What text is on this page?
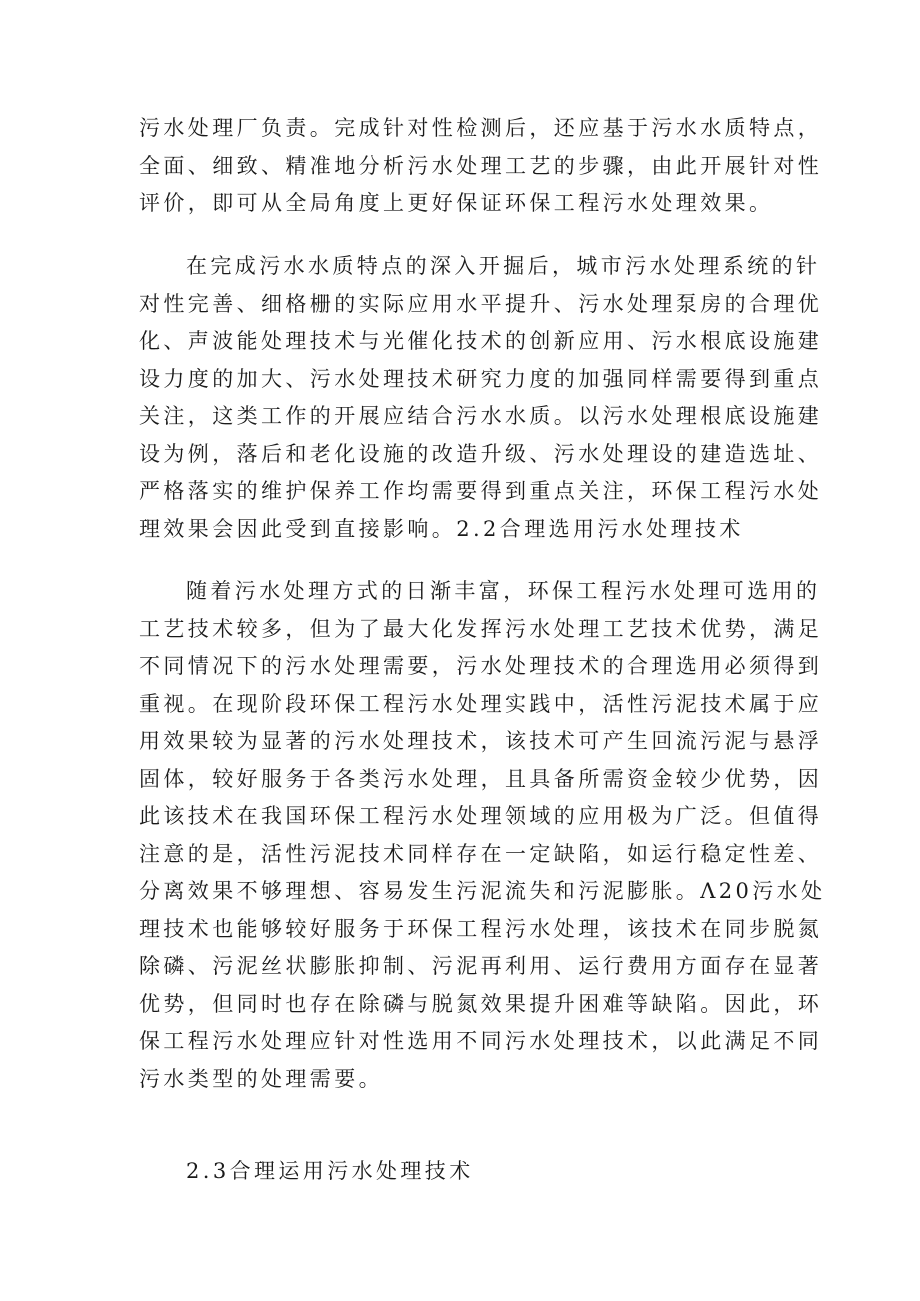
污水处理厂负责。完成针对性检测后，还应基于污水水质特点，
全面、细致、精准地分析污水处理工艺的步骤，由此开展针对性
评价，即可从全局角度上更好保证环保工程污水处理效果。
在完成污水水质特点的深入开掘后，城市污水处理系统的针
对性完善、细格栅的实际应用水平提升、污水处理泵房的合理优
化、声波能处理技术与光催化技术的创新应用、污水根底设施建
设力度的加大、污水处理技术研究力度的加强同样需要得到重点
关注，这类工作的开展应结合污水水质。以污水处理根底设施建
设为例，落后和老化设施的改造升级、污水处理设的建造选址、
严格落实的维护保养工作均需要得到重点关注，环保工程污水处
理效果会因此受到直接影响。2.2合理选用污水处理技术
随着污水处理方式的日渐丰富，环保工程污水处理可选用的
工艺技术较多，但为了最大化发挥污水处理工艺技术优势，满足
不同情况下的污水处理需要，污水处理技术的合理选用必须得到
重视。在现阶段环保工程污水处理实践中，活性污泥技术属于应
用效果较为显著的污水处理技术，该技术可产生回流污泥与悬浮
固体，较好服务于各类污水处理，且具备所需资金较少优势，因
此该技术在我国环保工程污水处理领域的应用极为广泛。但值得
注意的是，活性污泥技术同样存在一定缺陷，如运行稳定性差、
分离效果不够理想、容易发生污泥流失和污泥膨胀。Λ20污水处
理技术也能够较好服务于环保工程污水处理，该技术在同步脱氮
除磷、污泥丝状膨胀抑制、污泥再利用、运行费用方面存在显著
优势，但同时也存在除磷与脱氮效果提升困难等缺陷。因此，环
保工程污水处理应针对性选用不同污水处理技术，以此满足不同
污水类型的处理需要。
2.3合理运用污水处理技术
